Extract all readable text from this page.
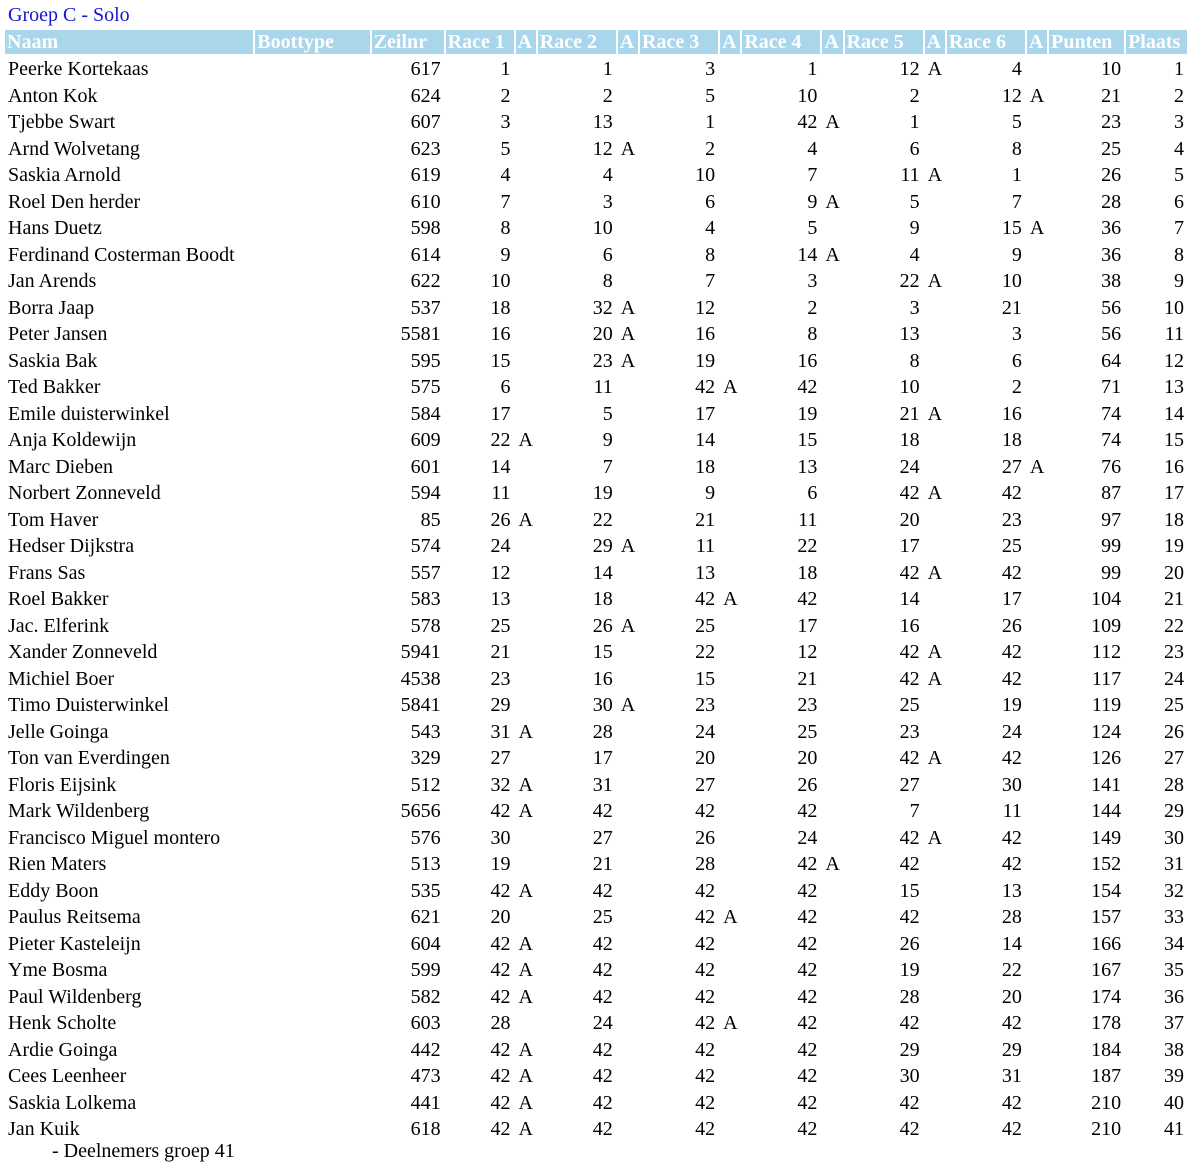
Groep C - Solo
Naam	Boottype	Zeilnr	Race 1	A	Race 2	A	Race 3	A	Race 4	A	Race 5	A	Race 6	A	Punten	Plaats
Peerke Kortekaas		617	1		1		3		1		12	A	4		10	1
Anton Kok		624	2		2		5		10		2		12	A	21	2
Tjebbe Swart		607	3		13		1		42	A	1		5		23	3
Arnd Wolvetang		623	5		12	A	2		4		6		8		25	4
Saskia Arnold		619	4		4		10		7		11	A	1		26	5
Roel Den herder		610	7		3		6		9	A	5		7		28	6
Hans Duetz		598	8		10		4		5		9		15	A	36	7
Ferdinand Costerman Boodt		614	9		6		8		14	A	4		9		36	8
Jan Arends		622	10		8		7		3		22	A	10		38	9
Borra Jaap		537	18		32	A	12		2		3		21		56	10
Peter Jansen		5581	16		20	A	16		8		13		3		56	11
Saskia Bak		595	15		23	A	19		16		8		6		64	12
Ted Bakker		575	6		11		42	A	42		10		2		71	13
Emile duisterwinkel		584	17		5		17		19		21	A	16		74	14
Anja Koldewijn		609	22	A	9		14		15		18		18		74	15
Marc Dieben		601	14		7		18		13		24		27	A	76	16
Norbert Zonneveld		594	11		19		9		6		42	A	42		87	17
Tom Haver		85	26	A	22		21		11		20		23		97	18
Hedser Dijkstra		574	24		29	A	11		22		17		25		99	19
Frans Sas		557	12		14		13		18		42	A	42		99	20
Roel Bakker		583	13		18		42	A	42		14		17		104	21
Jac. Elferink		578	25		26	A	25		17		16		26		109	22
Xander Zonneveld		5941	21		15		22		12		42	A	42		112	23
Michiel Boer		4538	23		16		15		21		42	A	42		117	24
Timo Duisterwinkel		5841	29		30	A	23		23		25		19		119	25
Jelle Goinga		543	31	A	28		24		25		23		24		124	26
Ton van Everdingen		329	27		17		20		20		42	A	42		126	27
Floris Eijsink		512	32	A	31		27		26		27		30		141	28
Mark Wildenberg		5656	42	A	42		42		42		7		11		144	29
Francisco Miguel montero		576	30		27		26		24		42	A	42		149	30
Rien Maters		513	19		21		28		42	A	42		42		152	31
Eddy Boon		535	42	A	42		42		42		15		13		154	32
Paulus Reitsema		621	20		25		42	A	42		42		28		157	33
Pieter Kasteleijn		604	42	A	42		42		42		26		14		166	34
Yme Bosma		599	42	A	42		42		42		19		22		167	35
Paul Wildenberg		582	42	A	42		42		42		28		20		174	36
Henk Scholte		603	28		24		42	A	42		42		42		178	37
Ardie Goinga		442	42	A	42		42		42		29		29		184	38
Cees Leenheer		473	42	A	42		42		42		30		31		187	39
Saskia Lolkema		441	42	A	42		42		42		42		42		210	40
Jan Kuik		618	42	A	42		42		42		42		42		210	41
- Deelnemers groep 41
